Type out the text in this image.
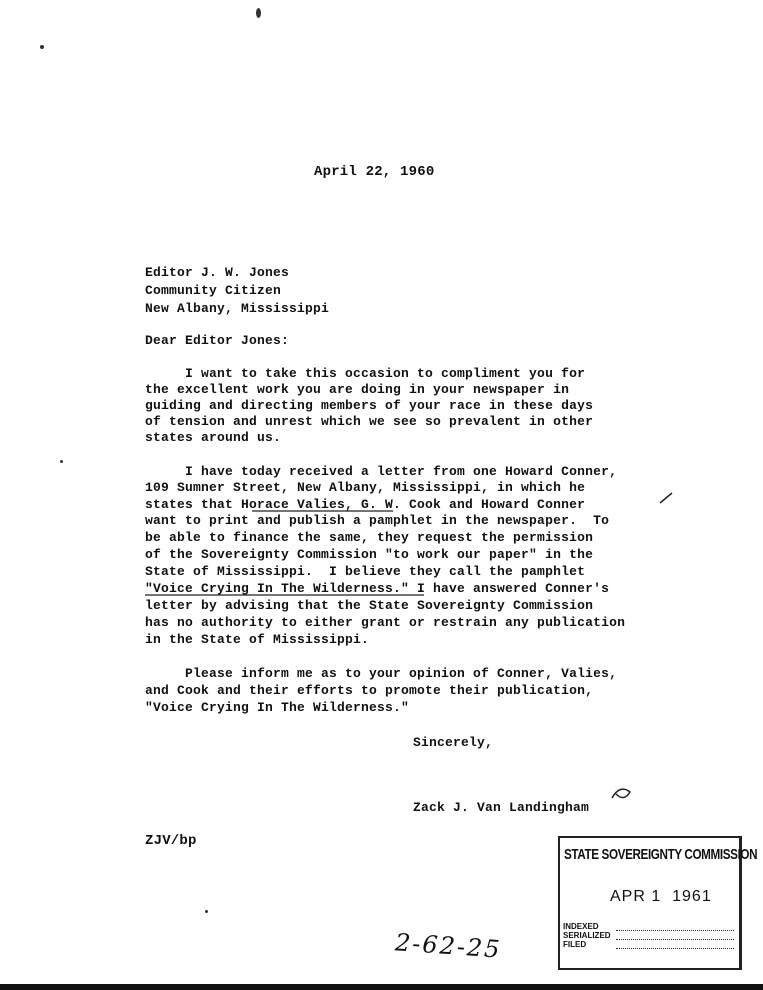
April 22, 1960
Editor J. W. Jones
Community Citizen
New Albany, Mississippi
Dear Editor Jones:
I want to take this occasion to compliment you for
the excellent work you are doing in your newspaper in
guiding and directing members of your race in these days
of tension and unrest which we see so prevalent in other
states around us.
I have today received a letter from one Howard Conner,
109 Sumner Street, New Albany, Mississippi, in which he
states that Horace Valies, G. W. Cook and Howard Conner
want to print and publish a pamphlet in the newspaper.  To
be able to finance the same, they request the permission
of the Sovereignty Commission "to work our paper" in the
State of Mississippi.  I believe they call the pamphlet
"Voice Crying In The Wilderness." I have answered Conner's
letter by advising that the State Sovereignty Commission
has no authority to either grant or restrain any publication
in the State of Mississippi.
Please inform me as to your opinion of Conner, Valies,
and Cook and their efforts to promote their publication,
"Voice Crying In The Wilderness."
Sincerely,
Zack J. Van Landingham
ZJV/bp
STATE SOVEREIGNTY COMMISSION
APR 1  1961
INDEXED
SERIALIZED
FILED
2-62-25
